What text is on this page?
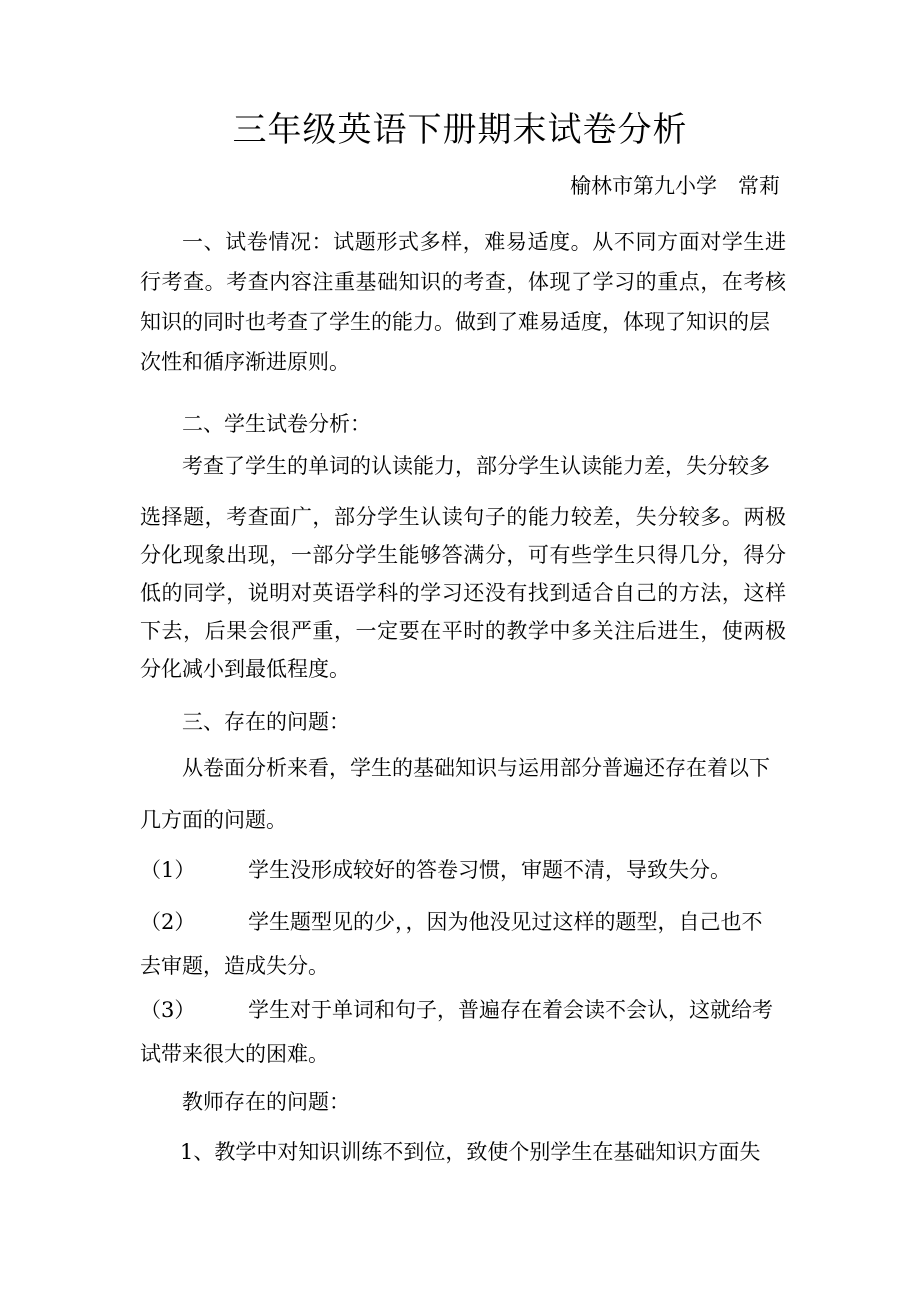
三年级英语下册期末试卷分析
榆林市第九小学　常莉
一、试卷情况：试题形式多样，难易适度。从不同方面对学生进行考查。考查内容注重基础知识的考查，体现了学习的重点，在考核知识的同时也考查了学生的能力。做到了难易适度，体现了知识的层
次性和循序渐进原则。
二、学生试卷分析：
考查了学生的单词的认读能力，部分学生认读能力差，失分较多
选择题，考查面广，部分学生认读句子的能力较差，失分较多。两极分化现象出现，一部分学生能够答满分，可有些学生只得几分，得分低的同学，说明对英语学科的学习还没有找到适合自己的方法，这样下去，后果会很严重，一定要在平时的教学中多关注后进生，使两极分化减小到最低程度。
三、存在的问题：
从卷面分析来看，学生的基础知识与运用部分普遍还存在着以下
几方面的问题。
（1）	学生没形成较好的答卷习惯，审题不清，导致失分。
（2）	学生题型见的少，，因为他没见过这样的题型，自己也不
去审题，造成失分。
（3）	学生对于单词和句子，普遍存在着会读不会认，这就给考
试带来很大的困难。
教师存在的问题：
1、教学中对知识训练不到位，致使个别学生在基础知识方面失
